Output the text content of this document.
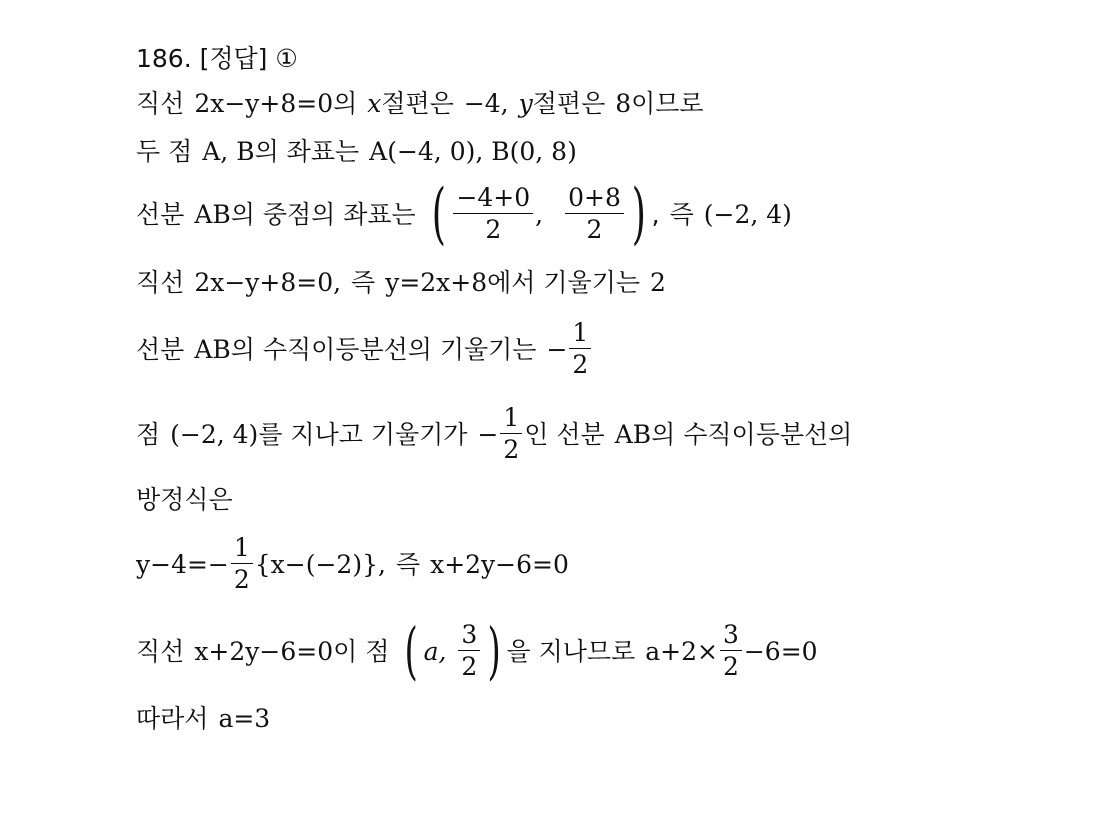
186. [정답] ①
직선 2x−y+8=0 의 x 절편은 −4, y 절편은 8 이므로
두 점 A, B 의 좌표는 A(−4, 0), B(0, 8)
선분 AB 의 중점의 좌표는 ( $\frac{-4+0}{2}$ , $\frac{0+8}{2}$ ) , 즉 (−2, 4)
직선 2x−y+8=0, 즉 y=2x+8 에서 기울기는 2
선분 AB 의 수직이등분선의 기울기는 − $\frac{1}{2}$
점 (−2, 4) 를 지나고 기울기가 − $\frac{1}{2}$ 인 선분 AB 의 수직이등분선의
방정식은
$y-4=- \frac{1}{2} \{x-(-2)\}$, 즉 x+2y−6=0
직선 x+2y−6=0 이 점 ( a, $\frac{3}{2}$ ) 을 지나므로 $a+2\times \frac{3}{2} -6=0$
따라서 a=3
